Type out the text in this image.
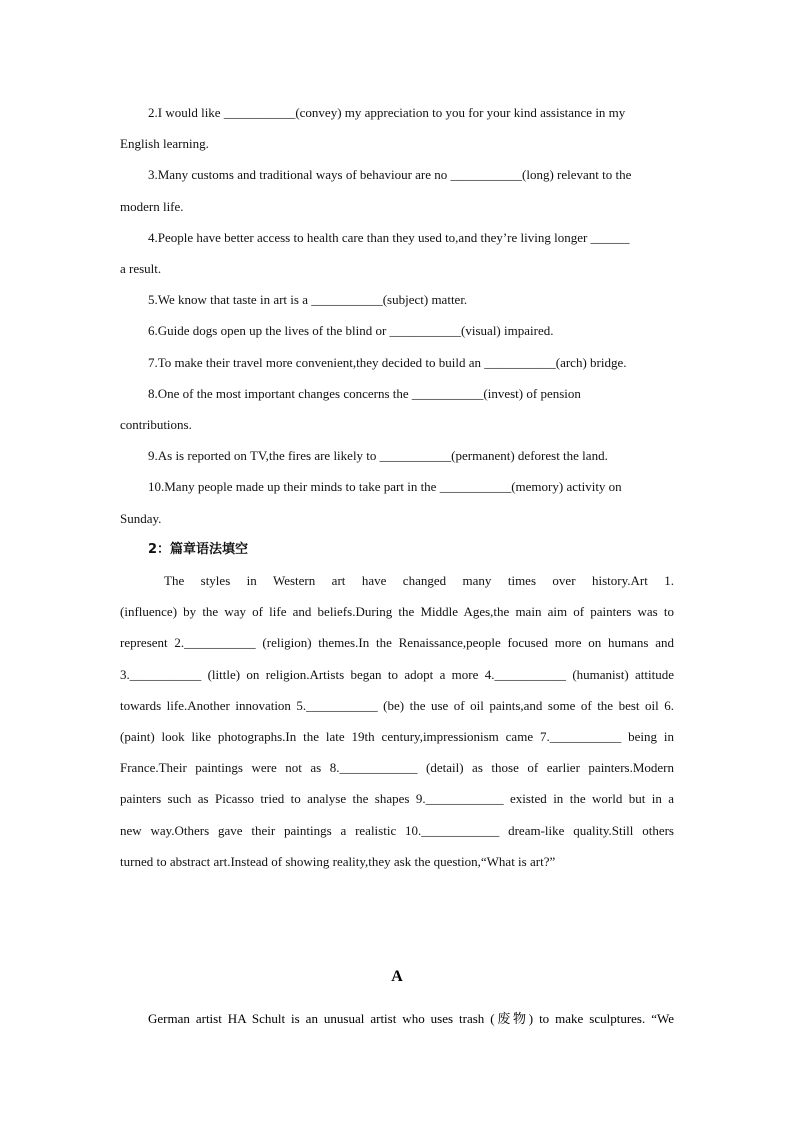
2.I would like ___________(convey) my appreciation to you for your kind assistance in my
English learning.

3.Many customs and traditional ways of behaviour are no ___________(long) relevant to the
modern life.

4.People have better access to health care than they used to,and they’re living longer ______
a result.

5.We know that taste in art is a ___________(subject) matter.

6.Guide dogs open up the lives of the blind or ___________(visual) impaired.

7.To make their travel more convenient,they decided to build an ___________(arch) bridge.

8.One of the most important changes concerns the ___________(invest) of pension
contributions.

9.As is reported on TV,the fires are likely to ___________(permanent) deforest the land.

10.Many people made up their minds to take part in the ___________(memory) activity on
Sunday.

2：篇章语法填空

The styles in Western art have changed many times over history.Art 1.

(influence) by the way of life and beliefs.During the Middle Ages,the main aim of painters was to

represent 2.___________ (religion) themes.In the Renaissance,people focused more on humans and

3.___________ (little) on religion.Artists began to adopt a more 4.___________ (humanist) attitude

towards life.Another innovation 5.___________ (be) the use of oil paints,and some of the best oil 6.

(paint) look like photographs.In the late 19th century,impressionism came 7.___________ being in

France.Their paintings were not as 8.____________ (detail) as those of earlier painters.Modern

painters such as Picasso tried to analyse the shapes 9.____________ existed in the world but in a

new way.Others gave their paintings a realistic 10.____________ dream-like quality.Still others

turned to abstract art.Instead of showing reality,they ask the question,“What is art?”

A
German artist HA Schult is an unusual artist who uses trash (废物) to make sculptures. “We
